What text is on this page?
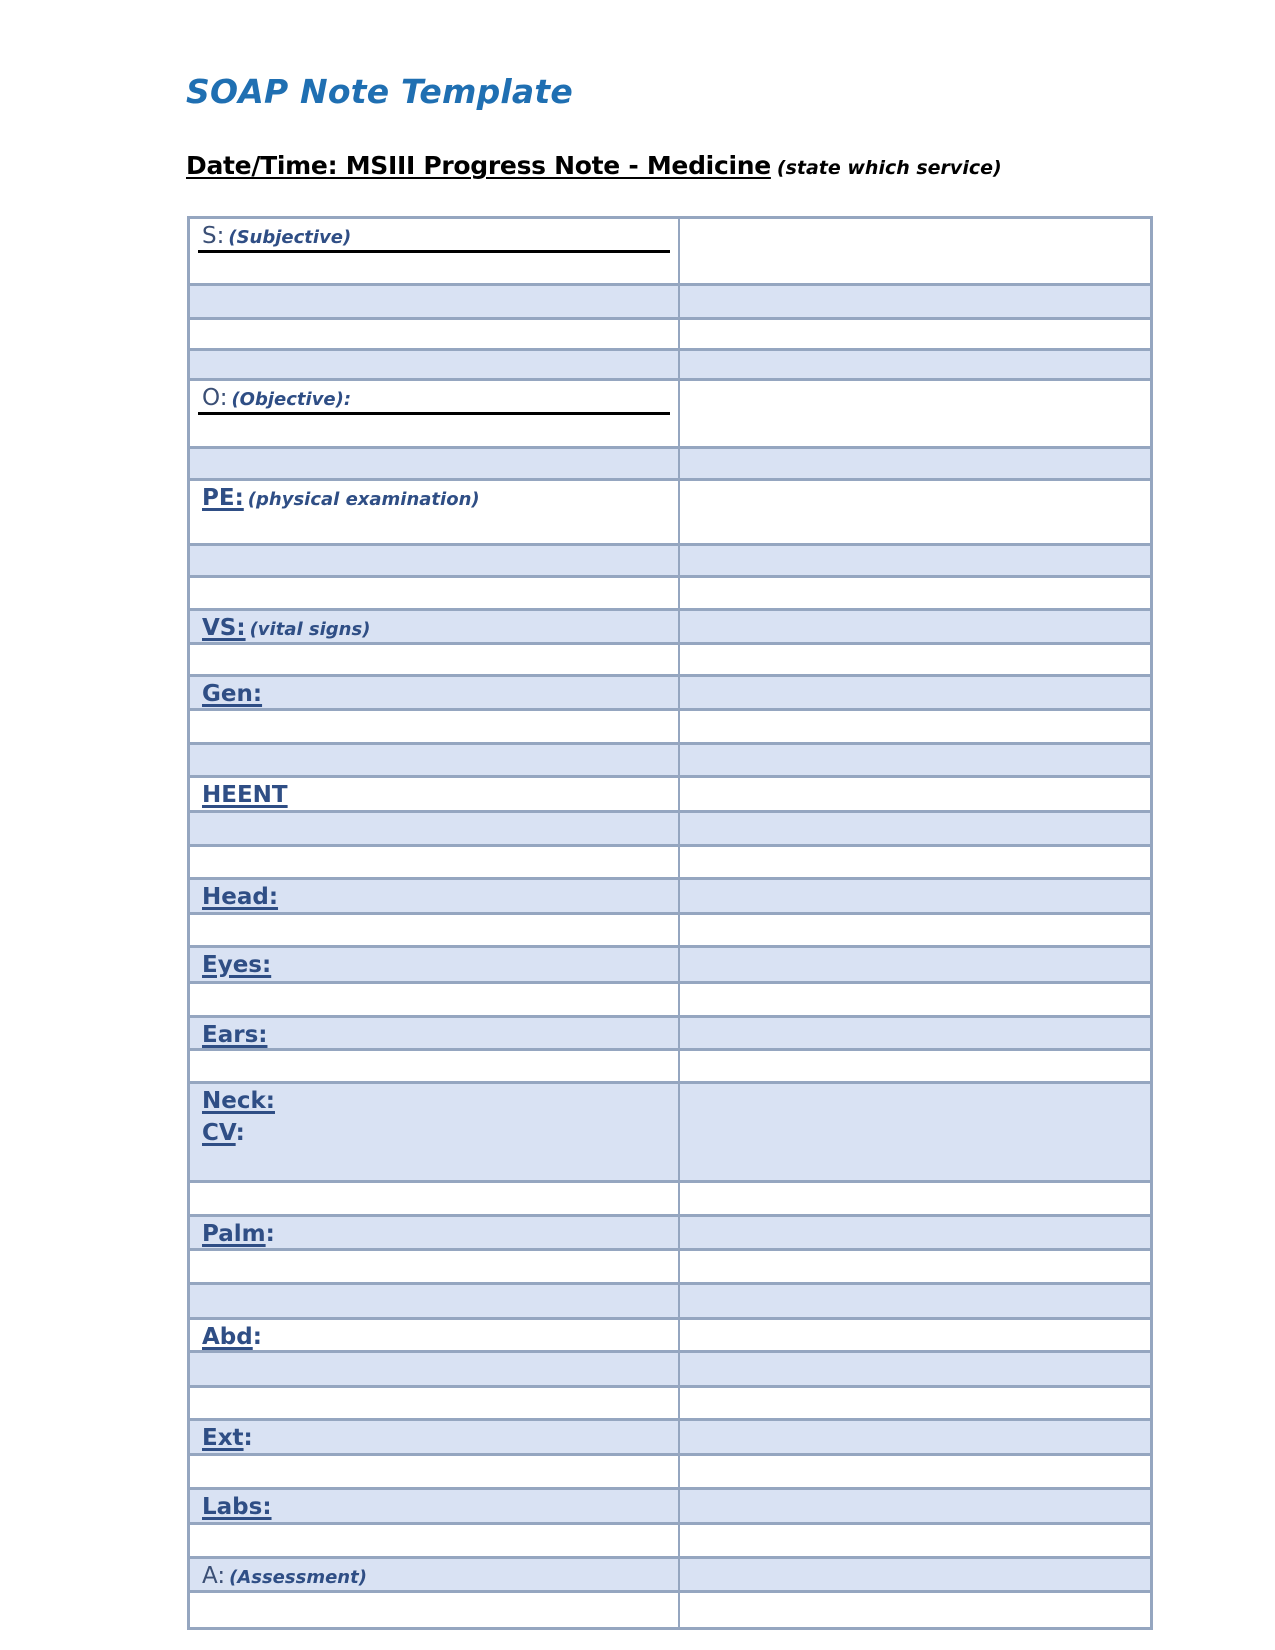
SOAP Note Template
Date/Time: MSIII Progress Note - Medicine (state which service)
S: (Subjective)
O: (Objective):
PE: (physical examination)
VS: (vital signs)
Gen:
HEENT
Head:
Eyes:
Ears:
Neck:
CV:
Palm:
Abd:
Ext:
Labs:
A: (Assessment)
